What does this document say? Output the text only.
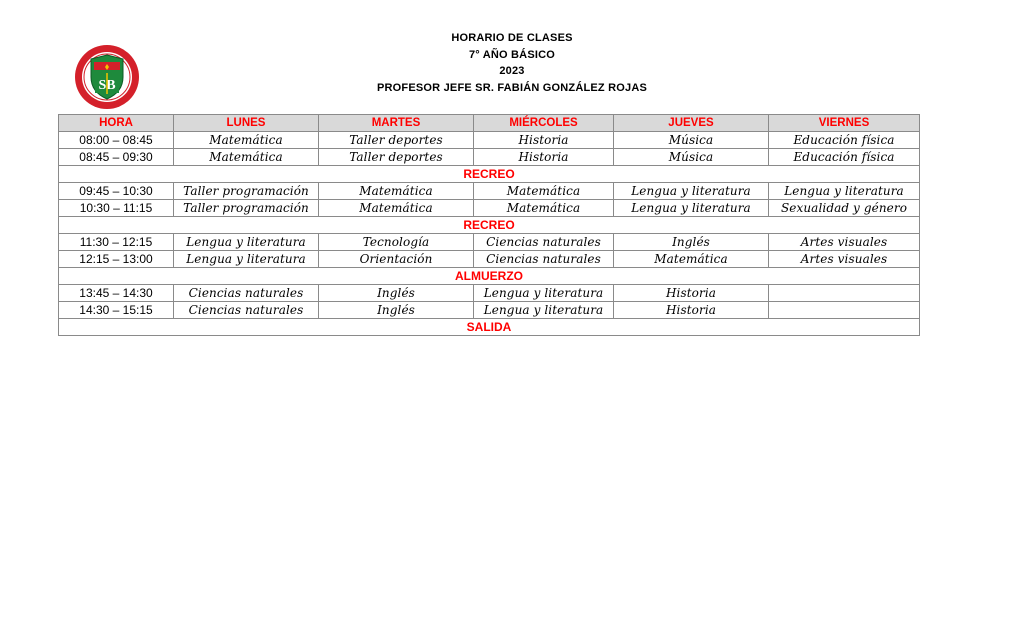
HORARIO DE CLASES
7° AÑO BÁSICO
2023
PROFESOR JEFE SR. FABIÁN GONZÁLEZ ROJAS
SB
HORA	LUNES	MARTES	MIÉRCOLES	JUEVES	VIERNES
08:00 – 08:45	Matemática	Taller deportes	Historia	Música	Educación física
08:45 – 09:30	Matemática	Taller deportes	Historia	Música	Educación física
RECREO					
09:45 – 10:30	Taller programación	Matemática	Matemática	Lengua y literatura	Lengua y literatura
10:30 – 11:15	Taller programación	Matemática	Matemática	Lengua y literatura	Sexualidad y género
RECREO					
11:30 – 12:15	Lengua y literatura	Tecnología	Ciencias naturales	Inglés	Artes visuales
12:15 – 13:00	Lengua y literatura	Orientación	Ciencias naturales	Matemática	Artes visuales
ALMUERZO					
13:45 – 14:30	Ciencias naturales	Inglés	Lengua y literatura	Historia	
14:30 – 15:15	Ciencias naturales	Inglés	Lengua y literatura	Historia	
SALIDA					
